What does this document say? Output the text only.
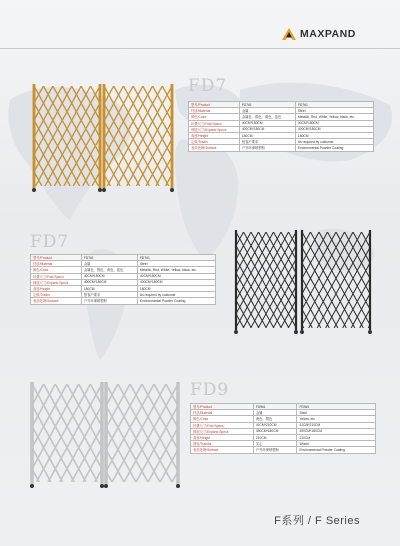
MAXPAND
FD7
型号/Product	FD7#1	FD7#1
材质/Material	金属	Steel
颜色/Color	金属色、银色、黄色、蓝色	Metallic, Red, White, Yellow, black, etc.
折叠尺寸/Fold Specs	40CM*180CM	40CM*180CM
伸展尺寸/Expand Specs	400CM*180CM	400CM*180CM
高度/Height	180CM	180CM
定做/Tradin	按客户要求	As required by customer
表面处理/Surface	户外环保喷塑粉	Environmental Powder Coating
FD7
型号/Product	FD7#1	FD7#1
材质/Material	金属	Steel
颜色/Color	金属色、银色、黄色、蓝色	Metallic, Red, White, Yellow, black, etc.
折叠尺寸/Fold Specs	40CM*180CM	40CM*180CM
伸展尺寸/Expand Specs	400CM*180CM	400CM*180CM
高度/Height	180CM	180CM
定做/Tradin	按客户要求	As required by customer
表面处理/Surface	户外环保喷塑粉	Environmental Powder Coating
FD9
型号/Product	FD9#1	FD9#1
材质/Material	金属	Steel
颜色/Color	黄色、银色	Yellow, etc.
折叠尺寸/Fold Specs	41CM*210CM	41CM*210CM
伸展尺寸/Expand Specs	490CM*180CM	490CM*180CM
高度/Height	210CM	210CM
滑轮/Trandis	实心	Wheel
表面处理/Surface	户外环保喷塑粉	Environmental Powder Coating
F系列 / F Series
